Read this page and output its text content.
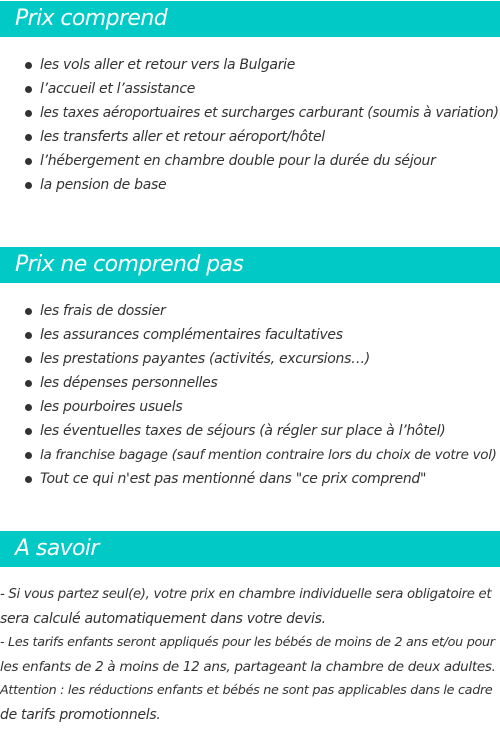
Prix comprend
les vols aller et retour vers la Bulgarie
l’accueil et l’assistance
les taxes aéroportuaires et surcharges carburant (soumis à variation)
les transferts aller et retour aéroport/hôtel
l’hébergement en chambre double pour la durée du séjour
la pension de base
Prix ne comprend pas
les frais de dossier
les assurances complémentaires facultatives
les prestations payantes (activités, excursions…)
les dépenses personnelles
les pourboires usuels
les éventuelles taxes de séjours (à régler sur place à l’hôtel)
la franchise bagage (sauf mention contraire lors du choix de votre vol)
Tout ce qui n'est pas mentionné dans "ce prix comprend"
A savoir

- Si vous partez seul(e), votre prix en chambre individuelle sera obligatoire et

sera calculé automatiquement dans votre devis.

- Les tarifs enfants seront appliqués pour les bébés de moins de 2 ans et/ou pour

les enfants de 2 à moins de 12 ans, partageant la chambre de deux adultes.

Attention : les réductions enfants et bébés ne sont pas applicables dans le cadre

de tarifs promotionnels.
